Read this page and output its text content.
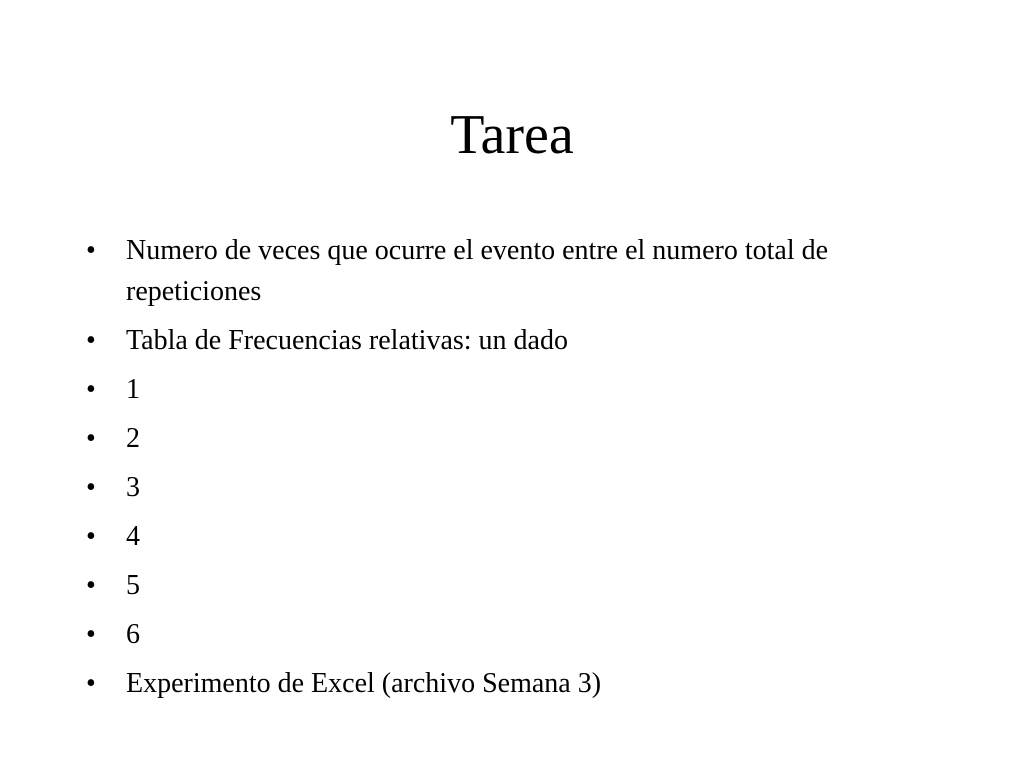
Tarea
•	Numero de veces que ocurre el evento entre el numero total de repeticiones
•	Tabla de Frecuencias relativas: un dado
•	1
•	2
•	3
•	4
•	5
•	6
•	Experimento de Excel (archivo Semana 3)
